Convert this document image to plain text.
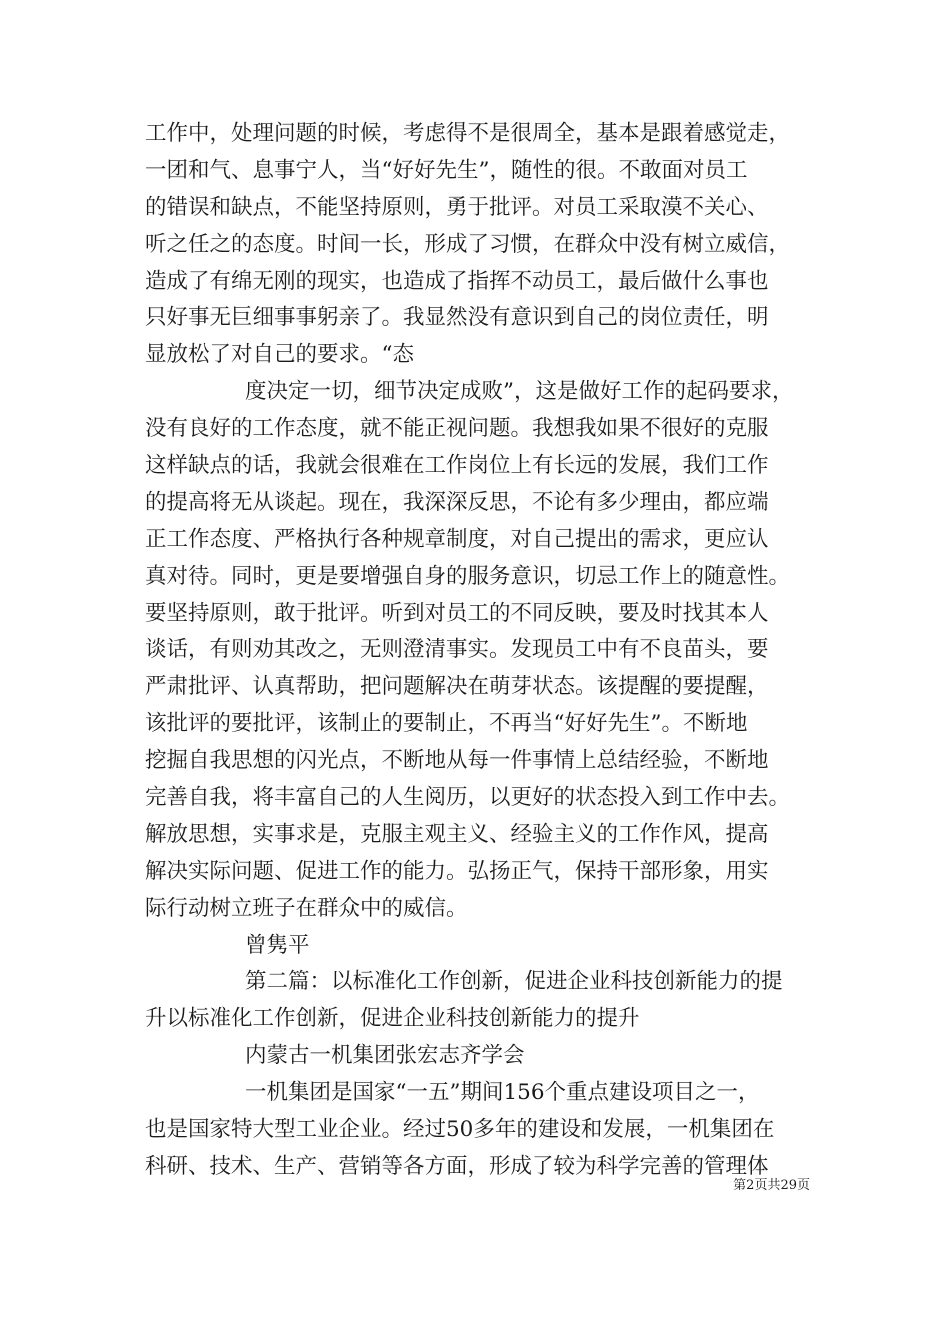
工作中，处理问题的时候，考虑得不是很周全，基本是跟着感觉走，
一团和气、息事宁人，当“好好先生”，随性的很。不敢面对员工
的错误和缺点，不能坚持原则，勇于批评。对员工采取漠不关心、
听之任之的态度。时间一长，形成了习惯，在群众中没有树立威信，
造成了有绵无刚的现实，也造成了指挥不动员工，最后做什么事也
只好事无巨细事事躬亲了。我显然没有意识到自己的岗位责任，明
显放松了对自己的要求。“态
度决定一切，细节决定成败”，这是做好工作的起码要求，
没有良好的工作态度，就不能正视问题。我想我如果不很好的克服
这样缺点的话，我就会很难在工作岗位上有长远的发展，我们工作
的提高将无从谈起。现在，我深深反思，不论有多少理由，都应端
正工作态度、严格执行各种规章制度，对自己提出的需求，更应认
真对待。同时，更是要增强自身的服务意识，切忌工作上的随意性。
要坚持原则，敢于批评。听到对员工的不同反映，要及时找其本人
谈话，有则劝其改之，无则澄清事实。发现员工中有不良苗头，要
严肃批评、认真帮助，把问题解决在萌芽状态。该提醒的要提醒，
该批评的要批评，该制止的要制止，不再当“好好先生”。不断地
挖掘自我思想的闪光点，不断地从每一件事情上总结经验，不断地
完善自我，将丰富自己的人生阅历，以更好的状态投入到工作中去。
解放思想，实事求是，克服主观主义、经验主义的工作作风，提高
解决实际问题、促进工作的能力。弘扬正气，保持干部形象，用实
际行动树立班子在群众中的威信。
曾隽平
第二篇：以标准化工作创新，促进企业科技创新能力的提
升以标准化工作创新，促进企业科技创新能力的提升
内蒙古一机集团张宏志齐学会
一机集团是国家“一五”期间156个重点建设项目之一，
也是国家特大型工业企业。经过50多年的建设和发展，一机集团在
科研、技术、生产、营销等各方面，形成了较为科学完善的管理体
第2页共29页
